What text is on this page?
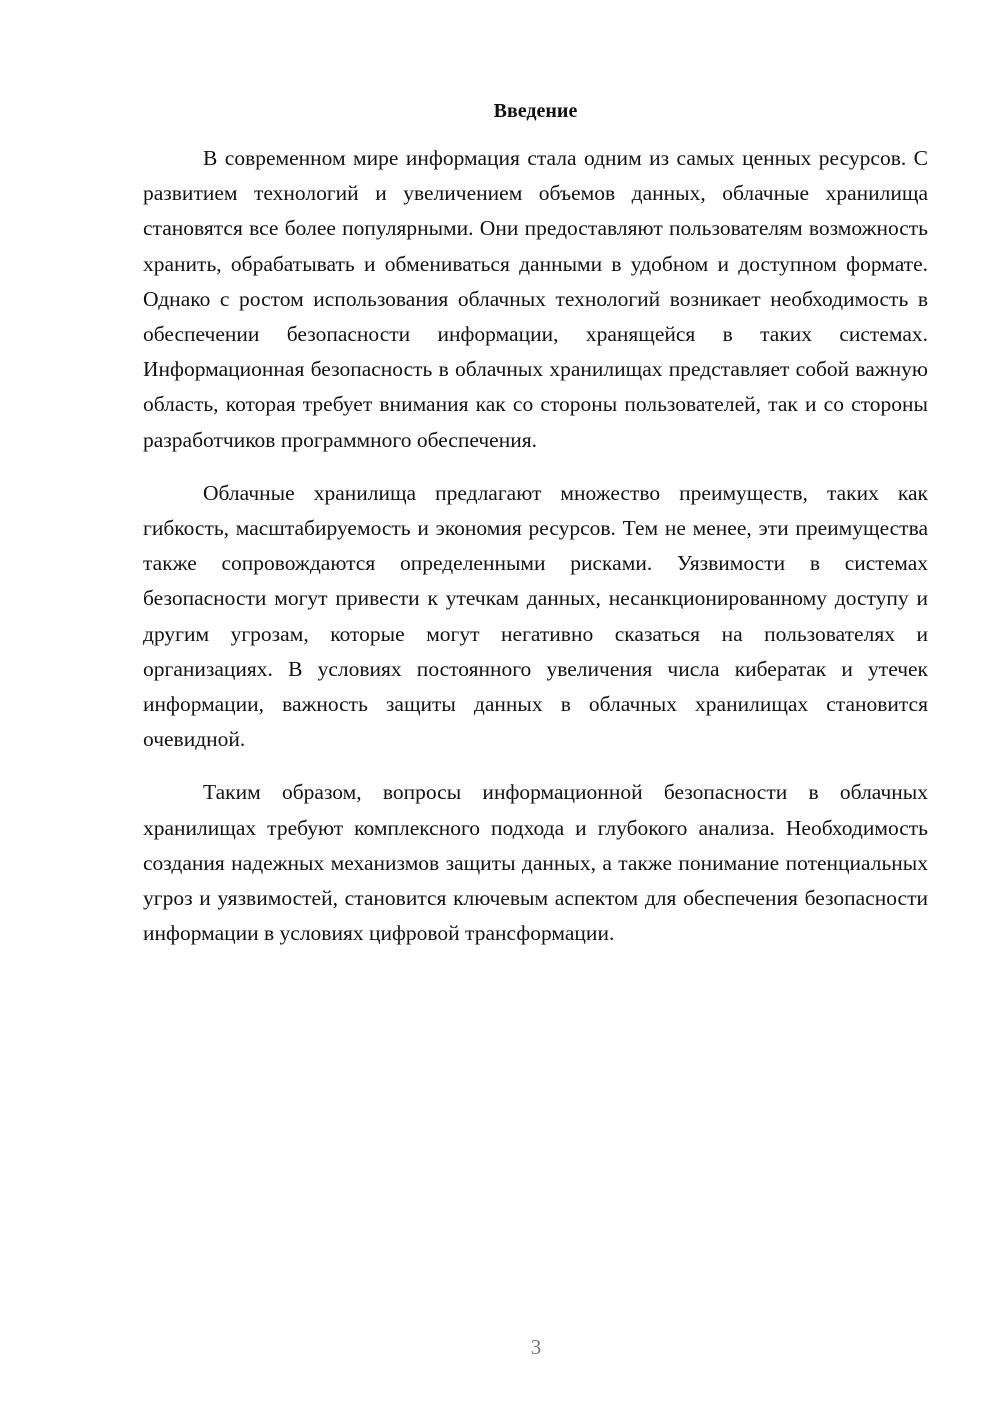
Введение

В современном мире информация стала одним из самых ценных ресурсов. С развитием технологий и увеличением объемов данных, облачные хранилища становятся все более популярными. Они предоставляют пользователям возможность хранить, обрабатывать и обмениваться данными в удобном и доступном формате. Однако с ростом использования облачных технологий возникает необходимость в обеспечении безопасности информации, хранящейся в таких системах. Информационная безопасность в облачных хранилищах представляет собой важную область, которая требует внимания как со стороны пользователей, так и со стороны разработчиков программного обеспечения.

Облачные хранилища предлагают множество преимуществ, таких как гибкость, масштабируемость и экономия ресурсов. Тем не менее, эти преимущества также сопровождаются определенными рисками. Уязвимости в системах безопасности могут привести к утечкам данных, несанкционированному доступу и другим угрозам, которые могут негативно сказаться на пользователях и организациях. В условиях постоянного увеличения числа кибератак и утечек информации, важность защиты данных в облачных хранилищах становится очевидной.

Таким образом, вопросы информационной безопасности в облачных хранилищах требуют комплексного подхода и глубокого анализа. Необходимость создания надежных механизмов защиты данных, а также понимание потенциальных угроз и уязвимостей, становится ключевым аспектом для обеспечения безопасности информации в условиях цифровой трансформации.

3
